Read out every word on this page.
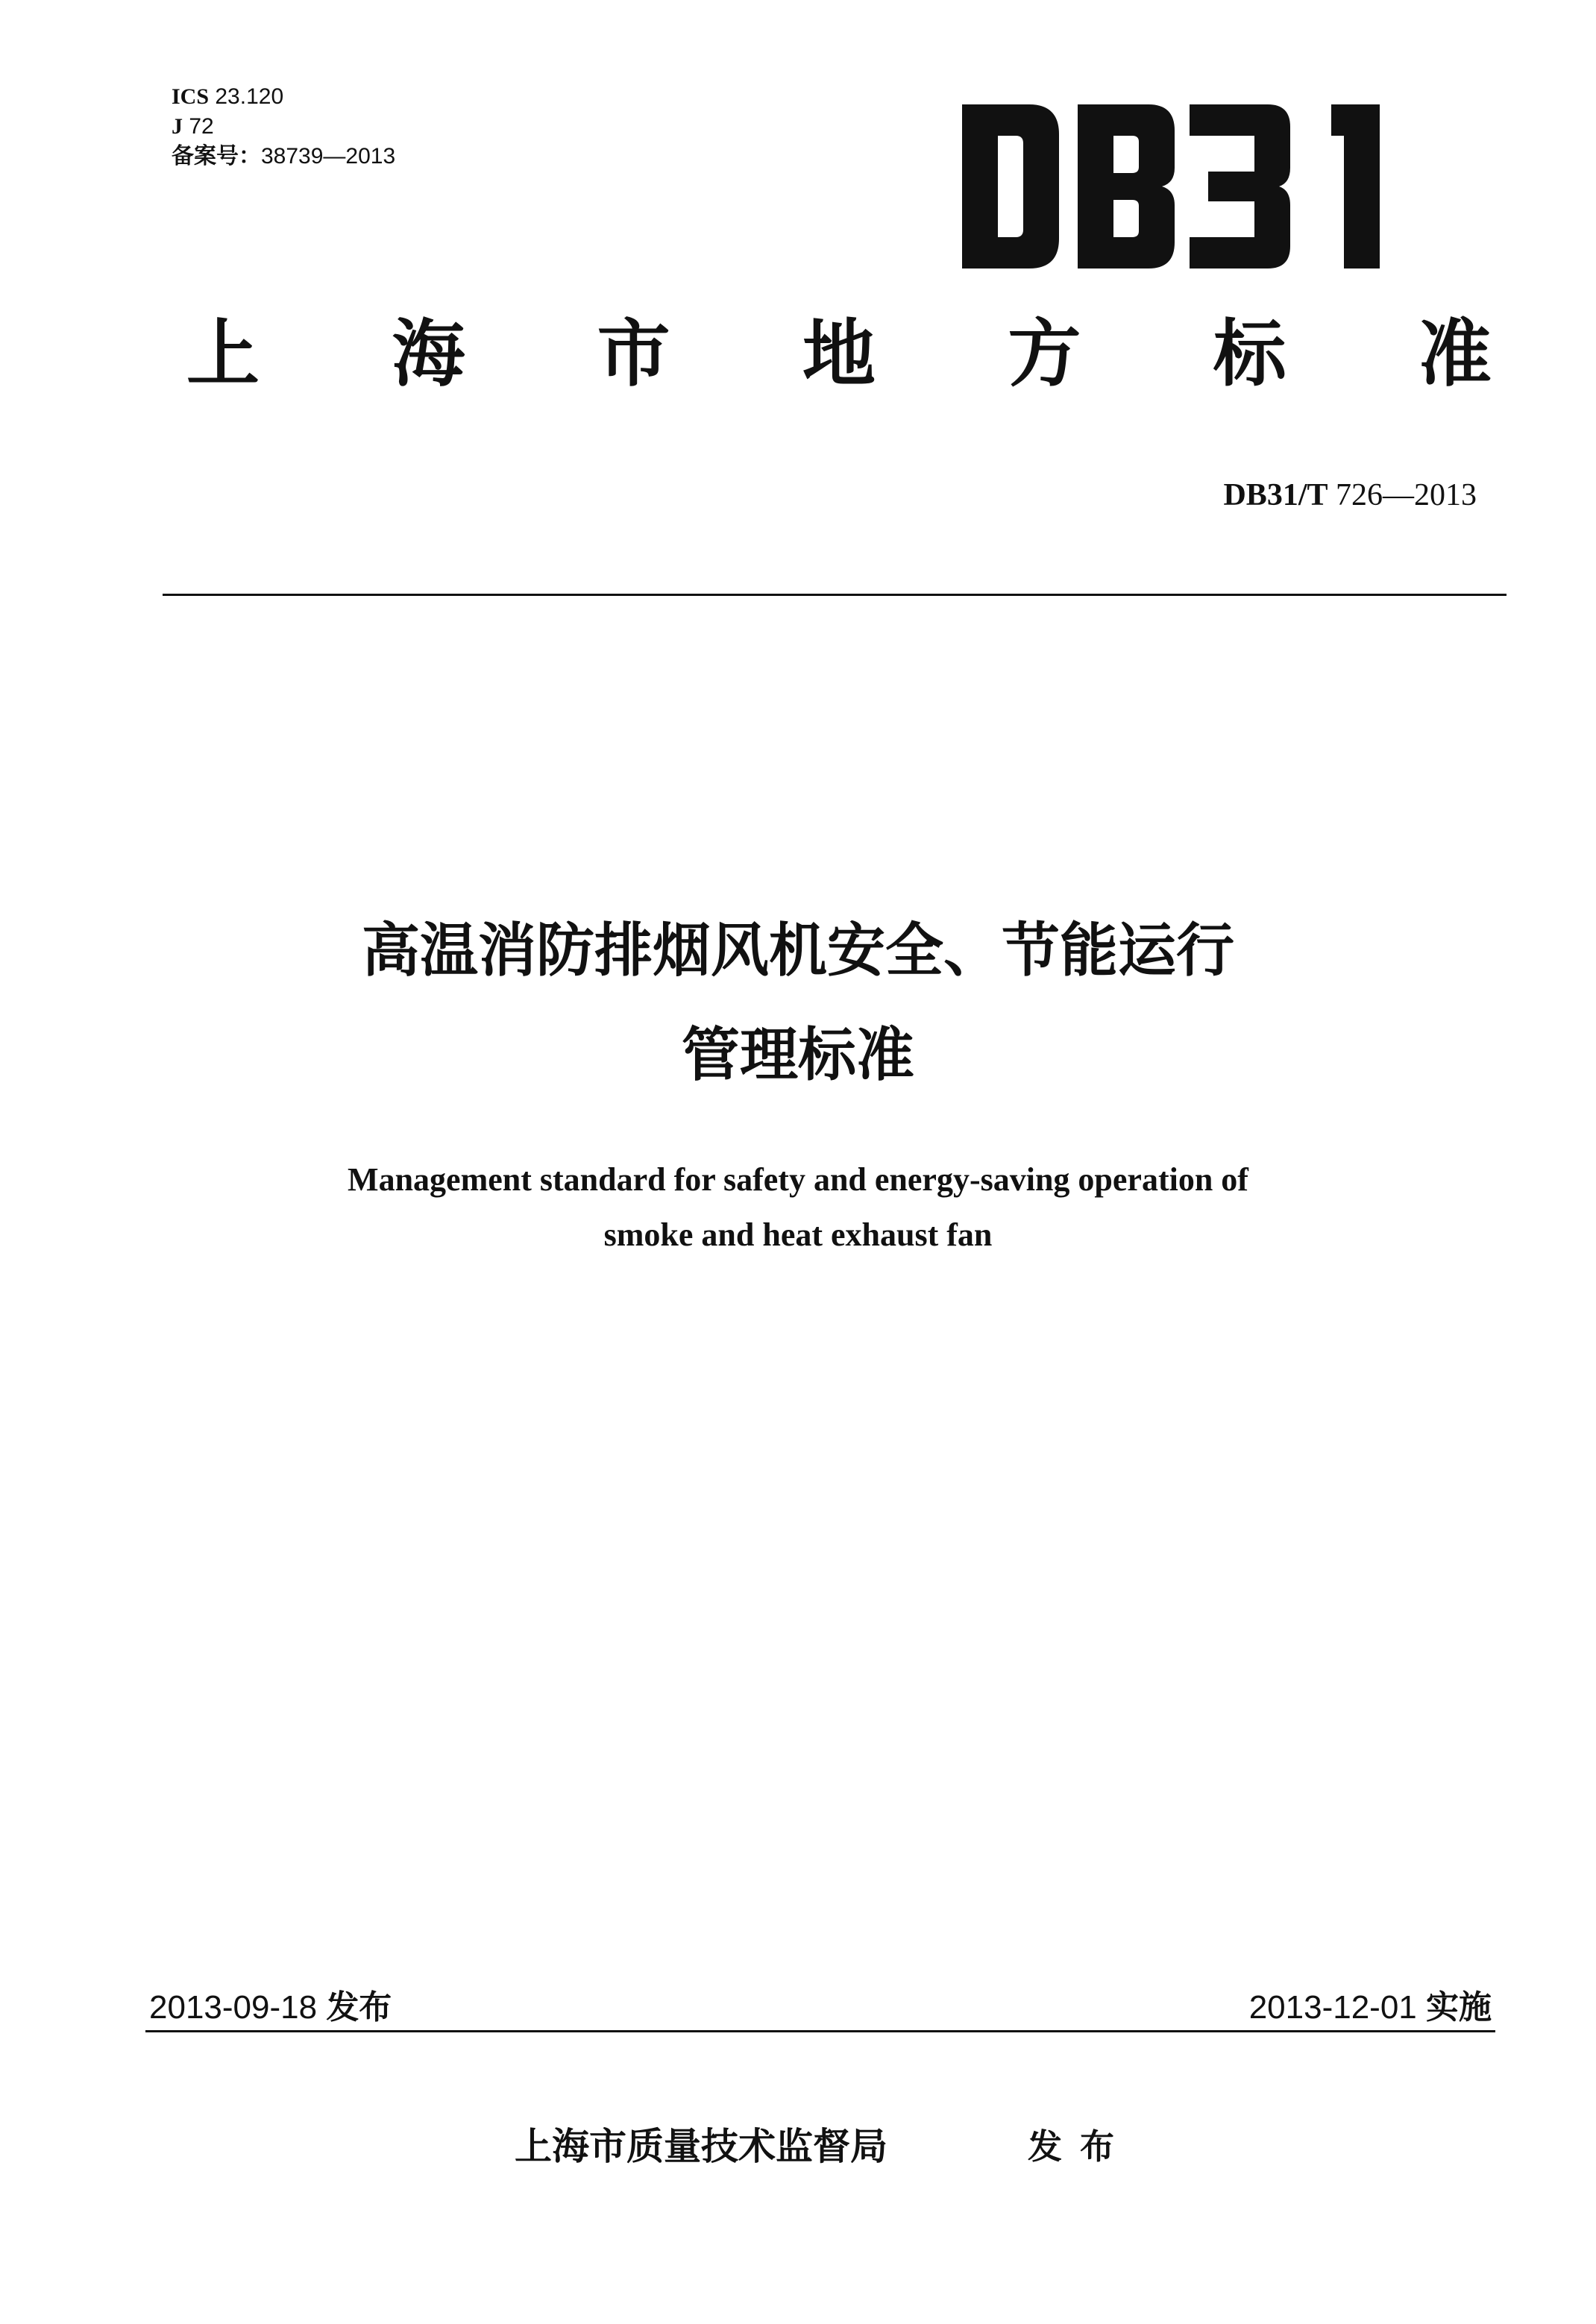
ICS 23.120
J 72
备案号：38739—2013
上 海 市 地 方 标 准
DB31/T 726—2013
高温消防排烟风机安全、节能运行
管理标准
Management standard for safety and energy-saving operation of
smoke and heat exhaust fan
2013-09-18 发布	2013-12-01 实施
上海市质量技术监督局	发布
